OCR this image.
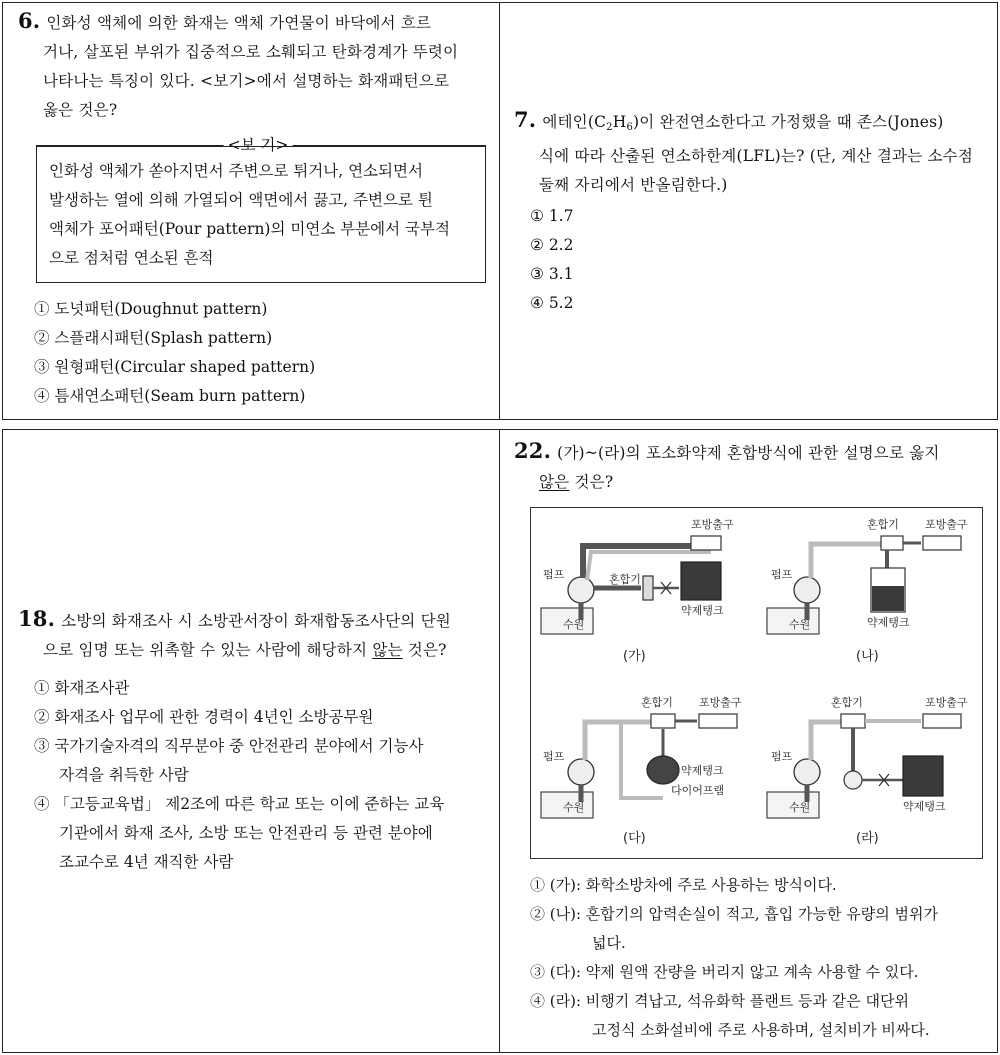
6. 인화성 액체에 의한 화재는 액체 가연물이 바닥에서 흐르
거나, 살포된 부위가 집중적으로 소훼되고 탄화경계가 뚜렷이
나타나는 특징이 있다. <보기>에서 설명하는 화재패턴으로
옳은 것은?
<보 기>
인화성 액체가 쏟아지면서 주변으로 튀거나, 연소되면서
발생하는 열에 의해 가열되어 액면에서 끓고, 주변으로 튄
액체가 포어패턴(Pour pattern)의 미연소 부분에서 국부적
으로 점처럼 연소된 흔적
① 도넛패턴(Doughnut pattern)
② 스플래시패턴(Splash pattern)
③ 원형패턴(Circular shaped pattern)
④ 틈새연소패턴(Seam burn pattern)
7. 에테인$(C_2H_6)$이 완전연소한다고 가정했을 때 존스(Jones)
식에 따라 산출된 연소하한계(LFL)는? (단, 계산 결과는 소수점
둘째 자리에서 반올림한다.)
① 1.7
② 2.2
③ 3.1
④ 5.2
18. 소방의 화재조사 시 소방관서장이 화재합동조사단의 단원
으로 임명 또는 위촉할 수 있는 사람에 해당하지 않는 것은?
① 화재조사관
② 화재조사 업무에 관한 경력이 4년인 소방공무원
③ 국가기술자격의 직무분야 중 안전관리 분야에서 기능사
자격을 취득한 사람
④ 「고등교육법」 제2조에 따른 학교 또는 이에 준하는 교육
기관에서 화재 조사, 소방 또는 안전관리 등 관련 분야에
조교수로 4년 재직한 사람
22. (가)~(라)의 포소화약제 혼합방식에 관한 설명으로 옳지
않은 것은?
수원
펌프
포방출구
혼합기
약제탱크
(가)
수원
펌프
혼합기 포방출구
약제탱크
(나)
수원
펌프
혼합기 포방출구
약제탱크
다이어프램
(다)
수원
펌프
혼합기	포방출구
약제탱크
(라)
① (가): 화학소방차에 주로 사용하는 방식이다.
② (나): 혼합기의 압력손실이 적고, 흡입 가능한 유량의 범위가
넓다.
③ (다): 약제 원액 잔량을 버리지 않고 계속 사용할 수 있다.
④ (라): 비행기 격납고, 석유화학 플랜트 등과 같은 대단위
고정식 소화설비에 주로 사용하며, 설치비가 비싸다.
